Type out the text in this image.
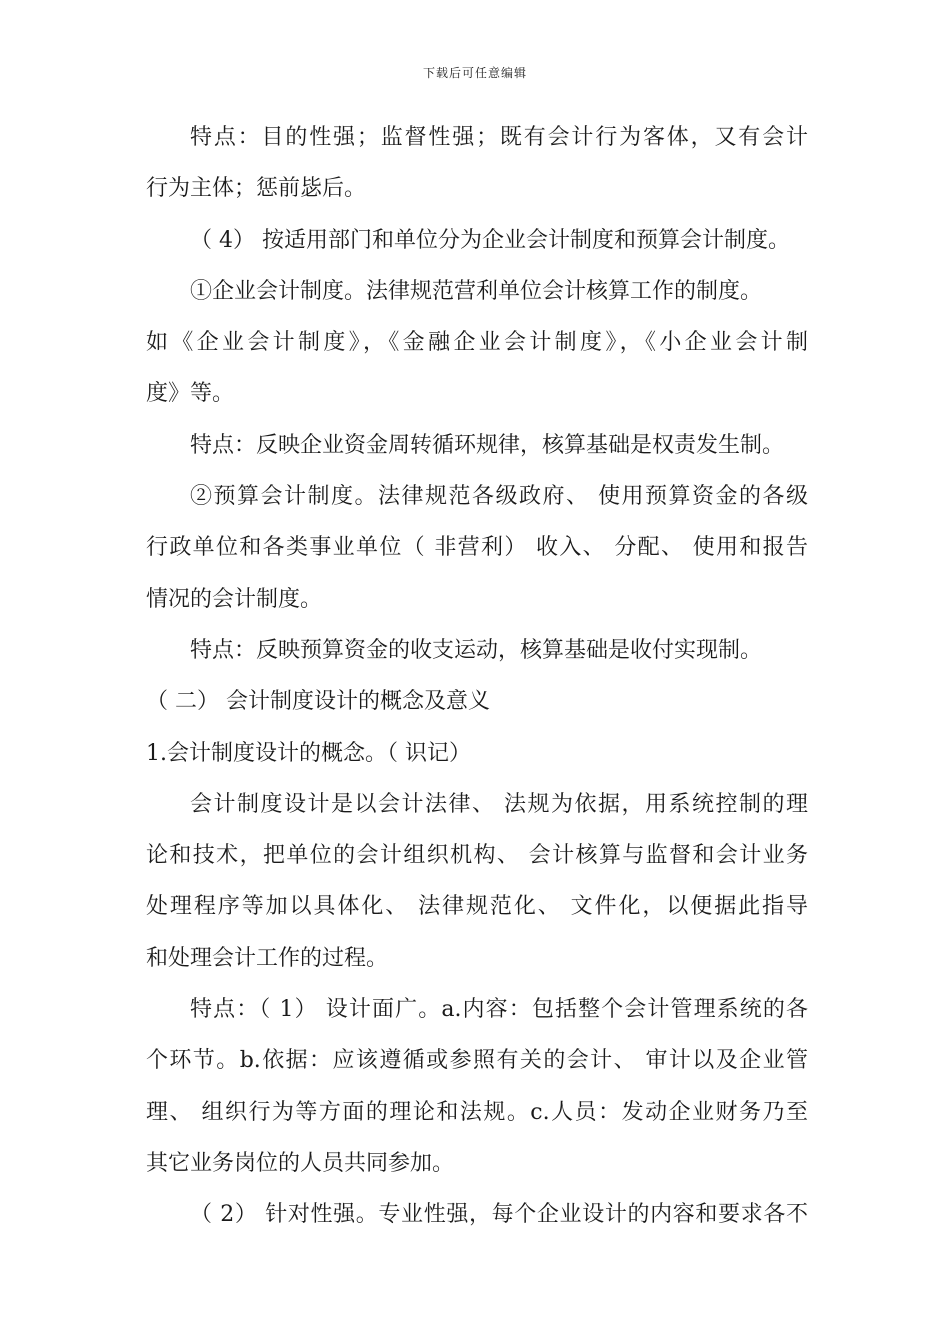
下载后可任意编辑
特点：目的性强；监督性强；既有会计行为客体，又有会计
行为主体；惩前毖后。
（ 4） 按适用部门和单位分为企业会计制度和预算会计制度。
①企业会计制度。法律规范营利单位会计核算工作的制度。
如《企业会计制度》，《金融企业会计制度》，《小企业会计制
度》等。
特点：反映企业资金周转循环规律，核算基础是权责发生制。
②预算会计制度。法律规范各级政府、 使用预算资金的各级
行政单位和各类事业单位（ 非营利） 收入、 分配、 使用和报告
情况的会计制度。
特点：反映预算资金的收支运动，核算基础是收付实现制。
（ 二） 会计制度设计的概念及意义
1.会计制度设计的概念。（ 识记）
会计制度设计是以会计法律、 法规为依据，用系统控制的理
论和技术，把单位的会计组织机构、 会计核算与监督和会计业务
处理程序等加以具体化、 法律规范化、 文件化，以便据此指导
和处理会计工作的过程。
特点：（ 1） 设计面广。a.内容：包括整个会计管理系统的各
个环节。b.依据：应该遵循或参照有关的会计、 审计以及企业管
理、 组织行为等方面的理论和法规。c.人员：发动企业财务乃至
其它业务岗位的人员共同参加。
（ 2） 针对性强。专业性强，每个企业设计的内容和要求各不
